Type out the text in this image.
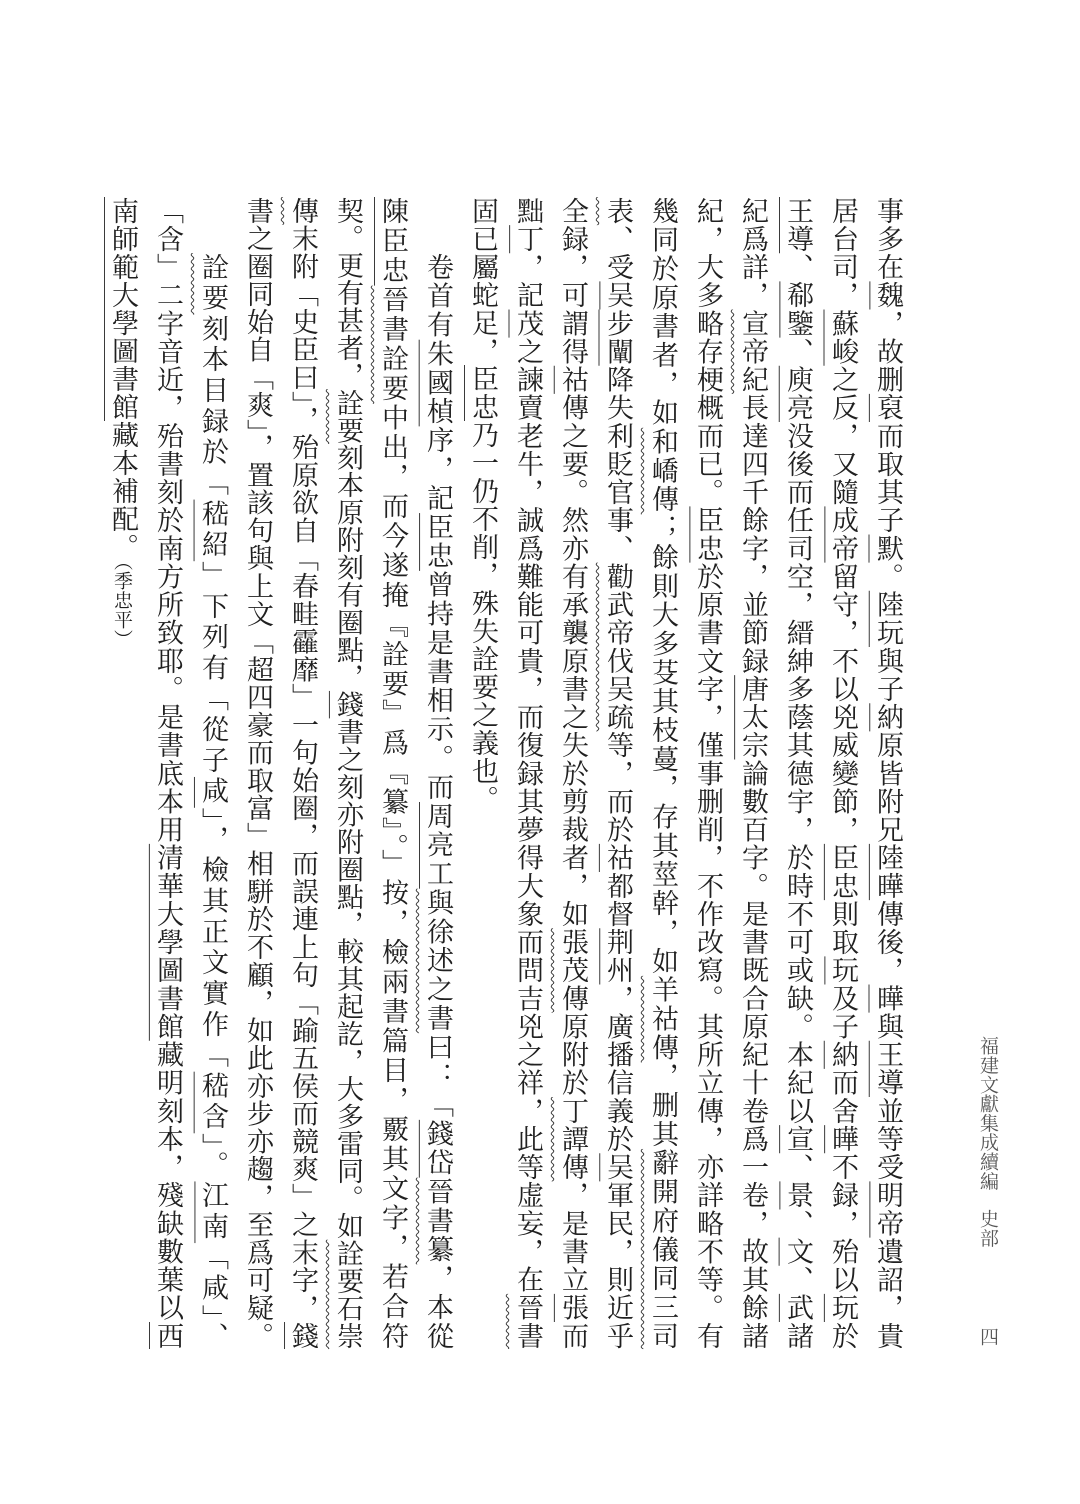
事多在魏，故删裒而取其子默。陸玩與子納原皆附兄陸曄傳後，曄與王導並等受明帝遺詔，貴
居台司，蘇峻之反，又隨成帝留守，不以兇威變節，臣忠則取玩及子納而舍曄不録，殆以玩於
王導、郗鑒、庾亮没後而任司空，縉紳多蔭其德宇，於時不可或缺。本紀以宣、景、文、武諸
紀爲詳，宣帝紀長達四千餘字，並節録唐太宗論數百字。是書既合原紀十卷爲一卷，故其餘諸
紀，大多略存梗概而已。臣忠於原書文字，僅事删削，不作改寫。其所立傳，亦詳略不等。有
幾同於原書者，如和嶠傳；餘則大多芟其枝蔓，存其莖幹，如羊祜傳，删其辭開府儀同三司
表、受吴步闡降失利貶官事、勸武帝伐吴疏等，而於祜都督荆州，廣播信義於吴軍民，則近乎
全録，可謂得祜傳之要。然亦有承襲原書之失於剪裁者，如張茂傳原附於丁譚傳，是書立張而
黜丁，記茂之諫賣老牛，誠爲難能可貴，而復録其夢得大象而問吉兇之祥，此等虚妄，在晉書
固已屬蛇足，臣忠乃一仍不削，殊失詮要之義也。
卷首有朱國楨序，記臣忠曾持是書相示。而周亮工與徐述之書曰：「錢岱晉書纂，本從
陳臣忠晉書詮要中出，而今遂掩『詮要』爲『纂』。」按，檢兩書篇目，覈其文字，若合符
契。更有甚者，詮要刻本原附刻有圈點，錢書之刻亦附圈點，較其起訖，大多雷同。如詮要石崇
傳末附「史臣曰」，殆原欲自「春畦靃靡」一句始圈，而誤連上句「踰五侯而競爽」之末字，錢
書之圈同始自「爽」，置該句與上文「超四豪而取富」相駢於不顧，如此亦步亦趨，至爲可疑。
詮要刻本目録於「嵇紹」下列有「從子咸」，檢其正文實作「嵇含」。江南「咸」、
「含」二字音近，殆書刻於南方所致耶。是書底本用清華大學圖書館藏明刻本，殘缺數葉以西
南師範大學圖書館藏本補配。（季忠平）
福建文獻集成續編史部
四
